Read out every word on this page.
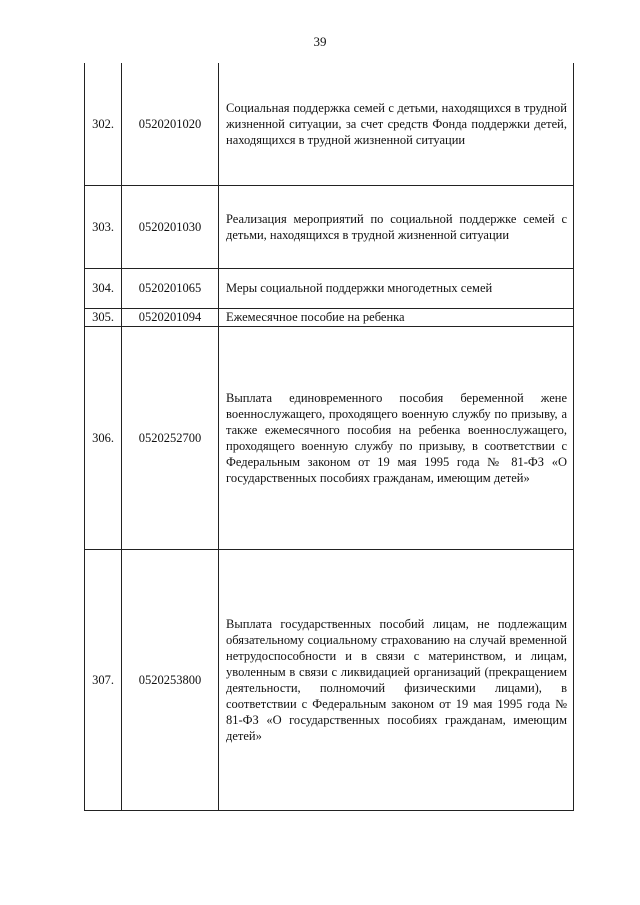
39
302.	0520201020	Социальная поддержка семей с детьми, находящихся в трудной жизненной ситуации, за счет средств Фонда поддержки детей, находящихся в трудной жизненной ситуации
303.	0520201030	Реализация мероприятий по социальной поддержке семей с детьми, находящихся в трудной жизненной ситуации
304.	0520201065	Меры социальной поддержки многодетных семей
305.	0520201094	Ежемесячное пособие на ребенка
306.	0520252700	Выплата единовременного пособия беременной жене военнослужащего, проходящего военную службу по призыву, а также ежемесячного пособия на ребенка военнослужащего, проходящего военную службу по призыву, в соответствии с Федеральным законом от 19 мая 1995 года № 81-ФЗ «О государственных пособиях гражданам, имеющим детей»
307.	0520253800	Выплата государственных пособий лицам, не подлежащим обязательному социальному страхованию на случай временной нетрудоспособности и в связи с материнством, и лицам, уволенным в связи с ликвидацией организаций (прекращением деятельности, полномочий физическими лицами), в соответствии с Федеральным законом от 19 мая 1995 года № 81-ФЗ «О государственных пособиях гражданам, имеющим детей»
